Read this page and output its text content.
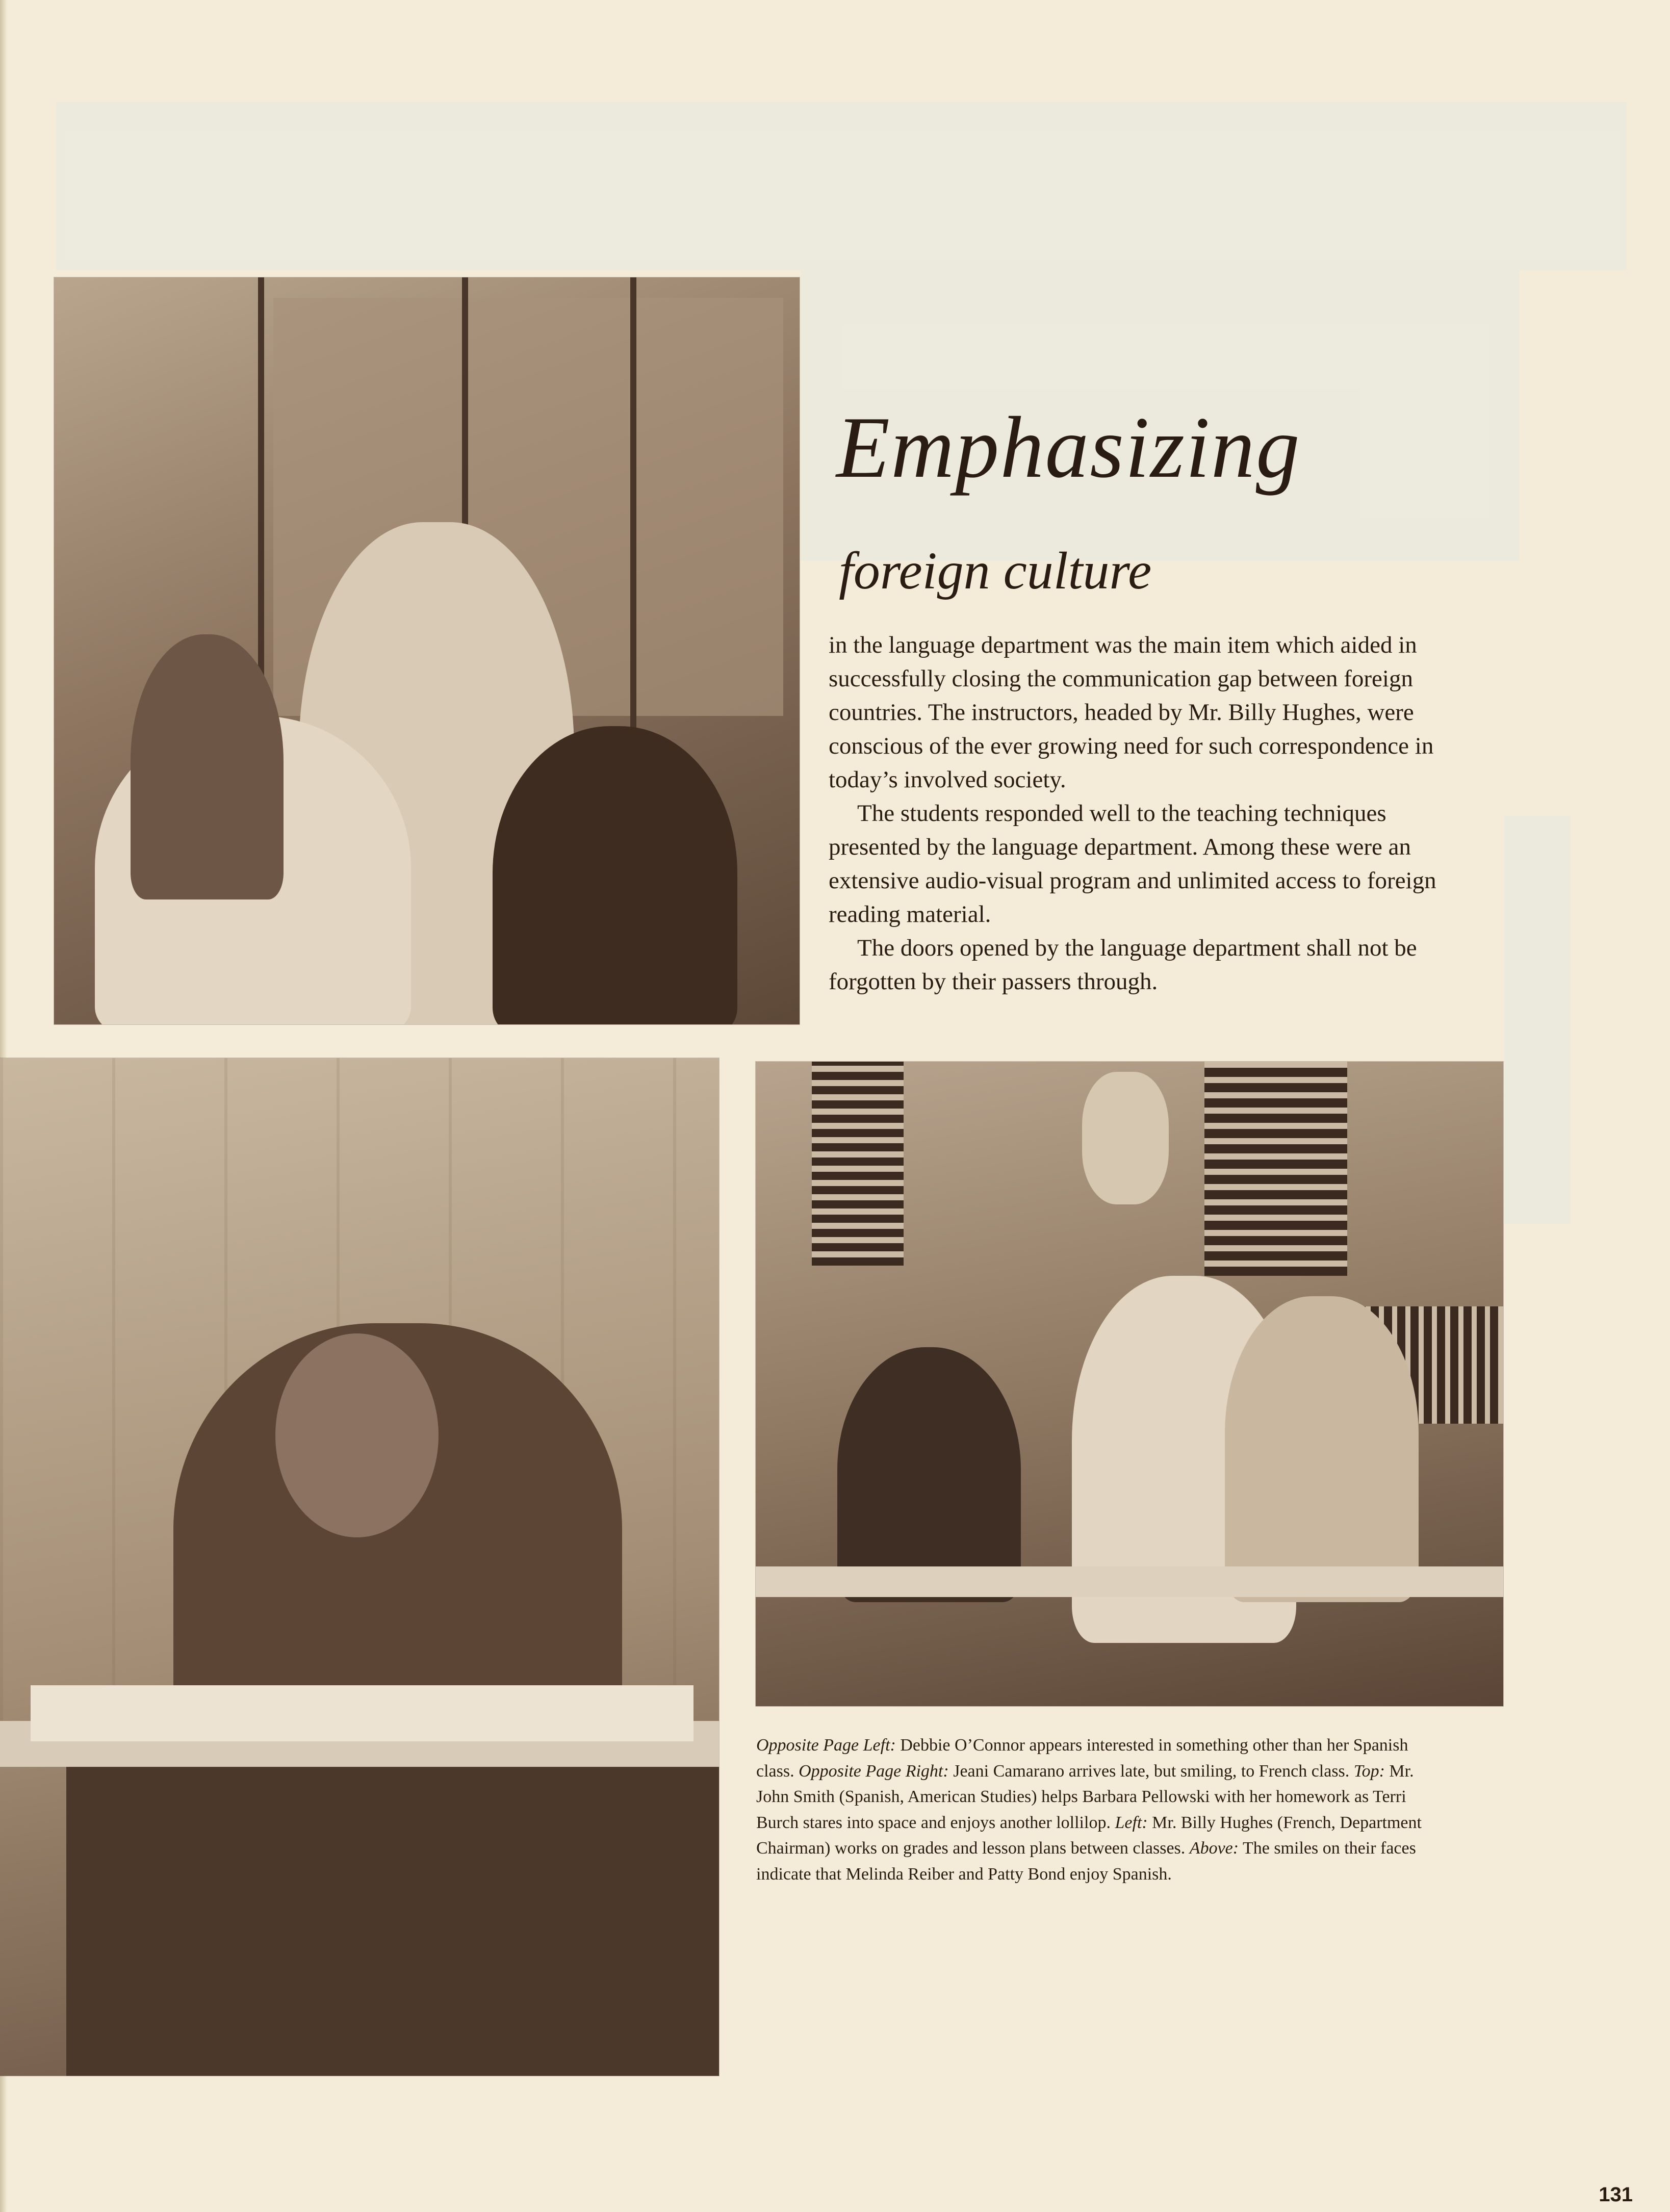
Emphasizing
foreign culture

in the language department was the main item which aided in successfully closing the communication gap between foreign countries. The instructors, headed by Mr. Billy Hughes, were conscious of the ever growing need for such correspondence in today’s involved society.

The students responded well to the teaching techniques presented by the language department. Among these were an extensive audio-visual program and unlimited access to foreign reading material.

The doors opened by the language department shall not be forgotten by their passers through.

Opposite Page Left: Debbie O’Connor appears interested in something other than her Spanish class. Opposite Page Right: Jeani Camarano arrives late, but smiling, to French class. Top: Mr. John Smith (Spanish, American Studies) helps Barbara Pellowski with her homework as Terri Burch stares into space and enjoys another lollilop. Left: Mr. Billy Hughes (French, Department Chairman) works on grades and lesson plans between classes. Above: The smiles on their faces indicate that Melinda Reiber and Patty Bond enjoy Spanish.
131
